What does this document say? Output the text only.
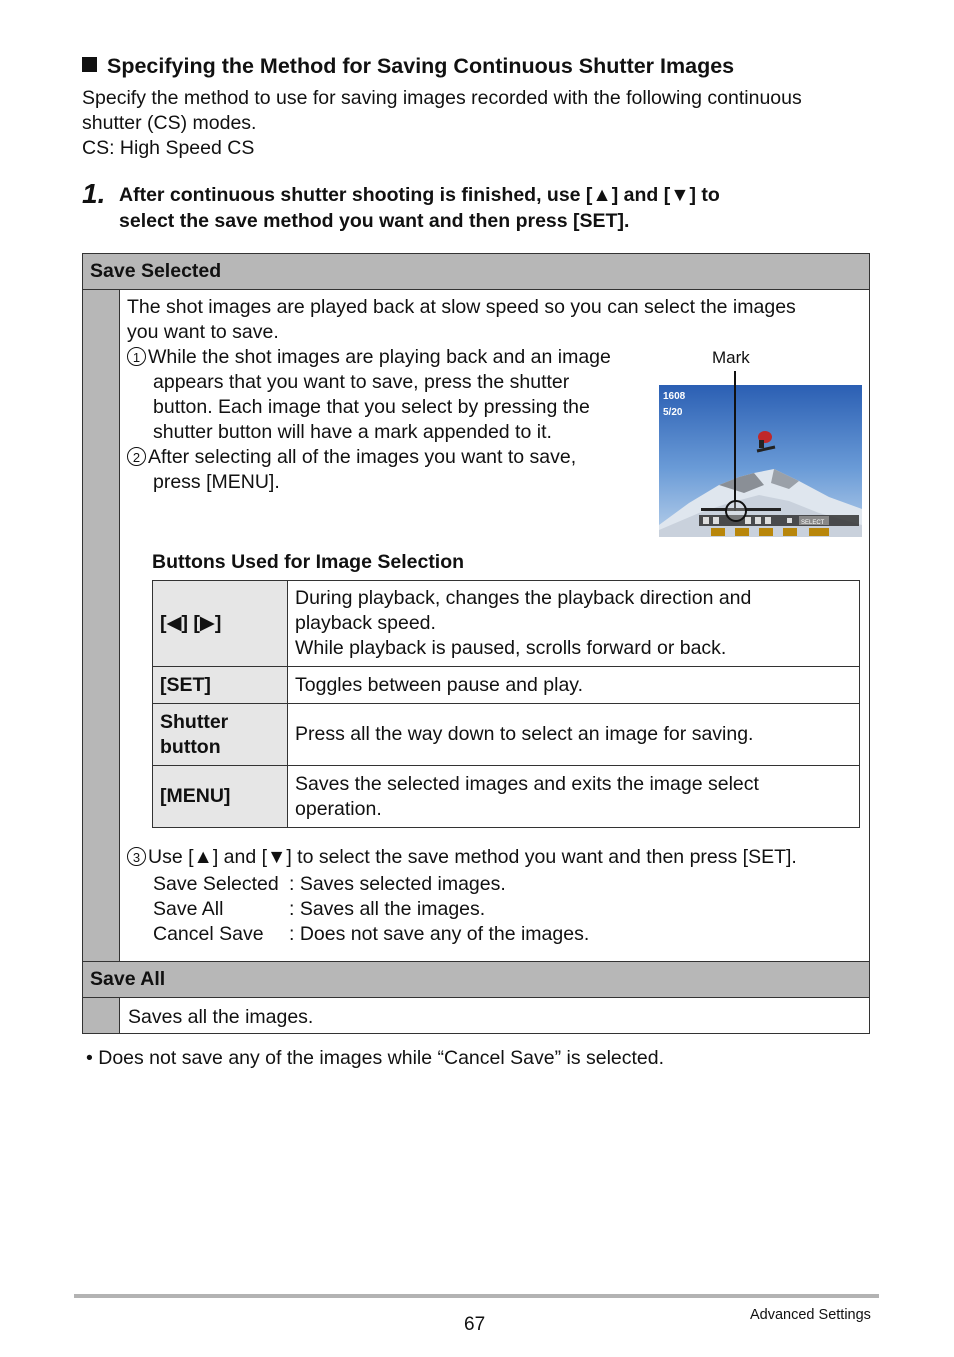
Specifying the Method for Saving Continuous Shutter Images
Specify the method to use for saving images recorded with the following continuous
shutter (CS) modes.
CS: High Speed CS
1. After continuous shutter shooting is finished, use [▲] and [▼] to
select the save method you want and then press [SET].
Save Selected
Save All
Saves all the images.
The shot images are played back at slow speed so you can select the images
you want to save.
1 While the shot images are playing back and an image
appears that you want to save, press the shutter
button. Each image that you select by pressing the
shutter button will have a mark appended to it.
2 After selecting all of the images you want to save,
press [MENU].
Mark
1608
5/20
SELECT
Buttons Used for Image Selection
[◀] [▶]	During playback, changes the playback direction and
playback speed.
While playback is paused, scrolls forward or back.

[SET]	Toggles between pause and play.

Shutter
button	Press all the way down to select an image for saving.
[MENU]	Saves the selected images and exits the image select
operation.
3 Use [▲] and [▼] to select the save method you want and then press [SET].
Save Selected : Saves selected images.
Save All	: Saves all the images.
Cancel Save : Does not save any of the images.
• Does not save any of the images while “Cancel Save” is selected.
67	Advanced Settings
